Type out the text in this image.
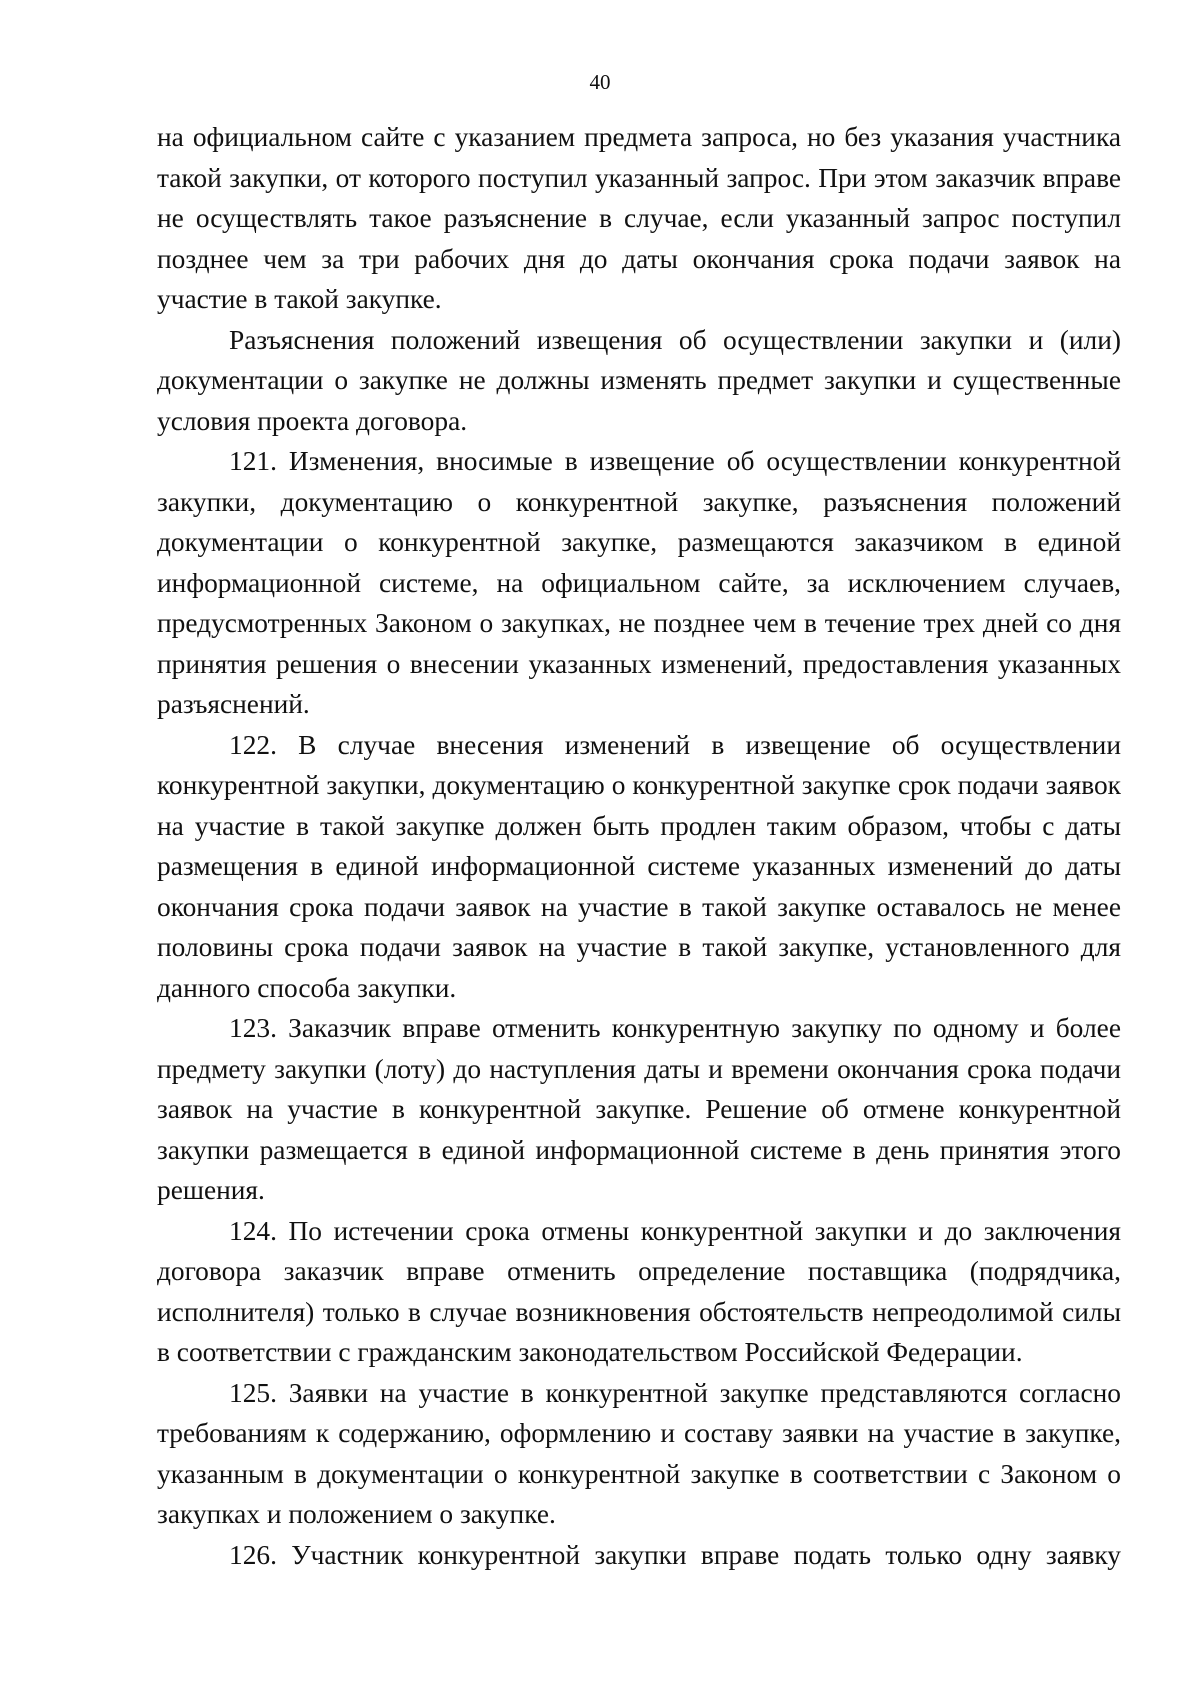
40

на официальном сайте с указанием предмета запроса, но без указания участника такой закупки, от которого поступил указанный запрос. При этом заказчик вправе не осуществлять такое разъяснение в случае, если указанный запрос поступил позднее чем за три рабочих дня до даты окончания срока подачи заявок на участие в такой закупке.

Разъяснения положений извещения об осуществлении закупки и (или) документации о закупке не должны изменять предмет закупки и существенные условия проекта договора.

121. Изменения, вносимые в извещение об осуществлении конкурентной закупки, документацию о конкурентной закупке, разъяснения положений документации о конкурентной закупке, размещаются заказчиком в единой информационной системе, на официальном сайте, за исключением случаев, предусмотренных Законом о закупках, не позднее чем в течение трех дней со дня принятия решения о внесении указанных изменений, предоставления указанных разъяснений.

122. В случае внесения изменений в извещение об осуществлении конкурентной закупки, документацию о конкурентной закупке срок подачи заявок на участие в такой закупке должен быть продлен таким образом, чтобы с даты размещения в единой информационной системе указанных изменений до даты окончания срока подачи заявок на участие в такой закупке оставалось не менее половины срока подачи заявок на участие в такой закупке, установленного для данного способа закупки.

123. Заказчик вправе отменить конкурентную закупку по одному и более предмету закупки (лоту) до наступления даты и времени окончания срока подачи заявок на участие в конкурентной закупке. Решение об отмене конкурентной закупки размещается в единой информационной системе в день принятия этого решения.

124. По истечении срока отмены конкурентной закупки и до заключения договора заказчик вправе отменить определение поставщика (подрядчика, исполнителя) только в случае возникновения обстоятельств непреодолимой силы в соответствии с гражданским законодательством Российской Федерации.

125. Заявки на участие в конкурентной закупке представляются согласно требованиям к содержанию, оформлению и составу заявки на участие в закупке, указанным в документации о конкурентной закупке в соответствии с Законом о закупках и положением о закупке.

126. Участник конкурентной закупки вправе подать только одну заявку
